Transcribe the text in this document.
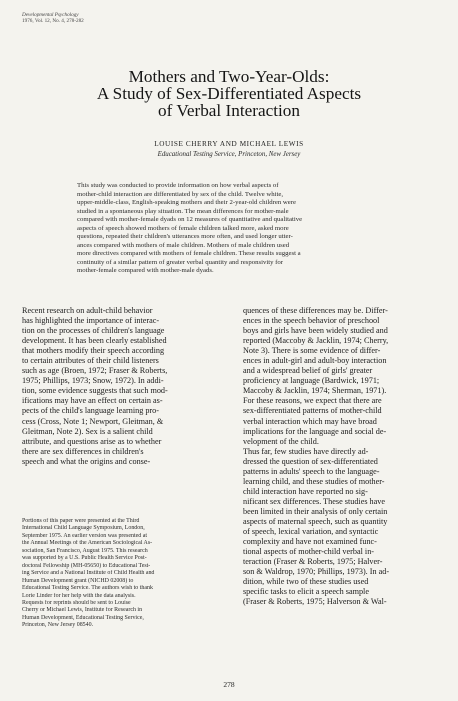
Developmental Psychology
1976, Vol. 12, No. 4, 278-282
Mothers and Two-Year-Olds:
A Study of Sex-Differentiated Aspects
of Verbal Interaction
LOUISE CHERRY AND MICHAEL LEWIS
Educational Testing Service, Princeton, New Jersey
This study was conducted to provide information on how verbal aspects of
mother-child interaction are differentiated by sex of the child. Twelve white,
upper-middle-class, English-speaking mothers and their 2-year-old children were
studied in a spontaneous play situation. The mean differences for mother-male
compared with mother-female dyads on 12 measures of quantitative and qualitative
aspects of speech showed mothers of female children talked more, asked more
questions, repeated their children's utterances more often, and used longer utter-
ances compared with mothers of male children. Mothers of male children used
more directives compared with mothers of female children. These results suggest a
continuity of a similar pattern of greater verbal quantity and responsivity for
mother-female compared with mother-male dyads.
Recent research on adult-child behavior
has highlighted the importance of interac-
tion on the processes of children's language
development. It has been clearly established
that mothers modify their speech according
to certain attributes of their child listeners
such as age (Broen, 1972; Fraser & Roberts,
1975; Phillips, 1973; Snow, 1972). In addi-
tion, some evidence suggests that such mod-
ifications may have an effect on certain as-
pects of the child's language learning pro-
cess (Cross, Note 1; Newport, Gleitman, &
Gleitman, Note 2). Sex is a salient child
attribute, and questions arise as to whether
there are sex differences in children's
speech and what the origins and conse-
Portions of this paper were presented at the Third
International Child Language Symposium, London,
September 1975. An earlier version was presented at
the Annual Meetings of the American Sociological As-
sociation, San Francisco, August 1975. This research
was supported by a U.S. Public Health Service Post-
doctoral Fellowship (MH-05650) to Educational Test-
ing Service and a National Institute of Child Health and
Human Development grant (NICHD 02008) to
Educational Testing Service. The authors wish to thank
Lorie Linder for her help with the data analysis.
Requests for reprints should be sent to Louise
Cherry or Michael Lewis, Institute for Research in
Human Development, Educational Testing Service,
Princeton, New Jersey 08540.
quences of these differences may be. Differ-
ences in the speech behavior of preschool
boys and girls have been widely studied and
reported (Maccoby & Jacklin, 1974; Cherry,
Note 3). There is some evidence of differ-
ences in adult-girl and adult-boy interaction
and a widespread belief of girls' greater
proficiency at language (Bardwick, 1971;
Maccoby & Jacklin, 1974; Sherman, 1971).
For these reasons, we expect that there are
sex-differentiated patterns of mother-child
verbal interaction which may have broad
implications for the language and social de-
velopment of the child.
Thus far, few studies have directly ad-
dressed the question of sex-differentiated
patterns in adults' speech to the language-
learning child, and these studies of mother-
child interaction have reported no sig-
nificant sex differences. These studies have
been limited in their analysis of only certain
aspects of maternal speech, such as quantity
of speech, lexical variation, and syntactic
complexity and have not examined func-
tional aspects of mother-child verbal in-
teraction (Fraser & Roberts, 1975; Halver-
son & Waldrop, 1970; Phillips, 1973). In ad-
dition, while two of these studies used
specific tasks to elicit a speech sample
(Fraser & Roberts, 1975; Halverson & Wal-
278
